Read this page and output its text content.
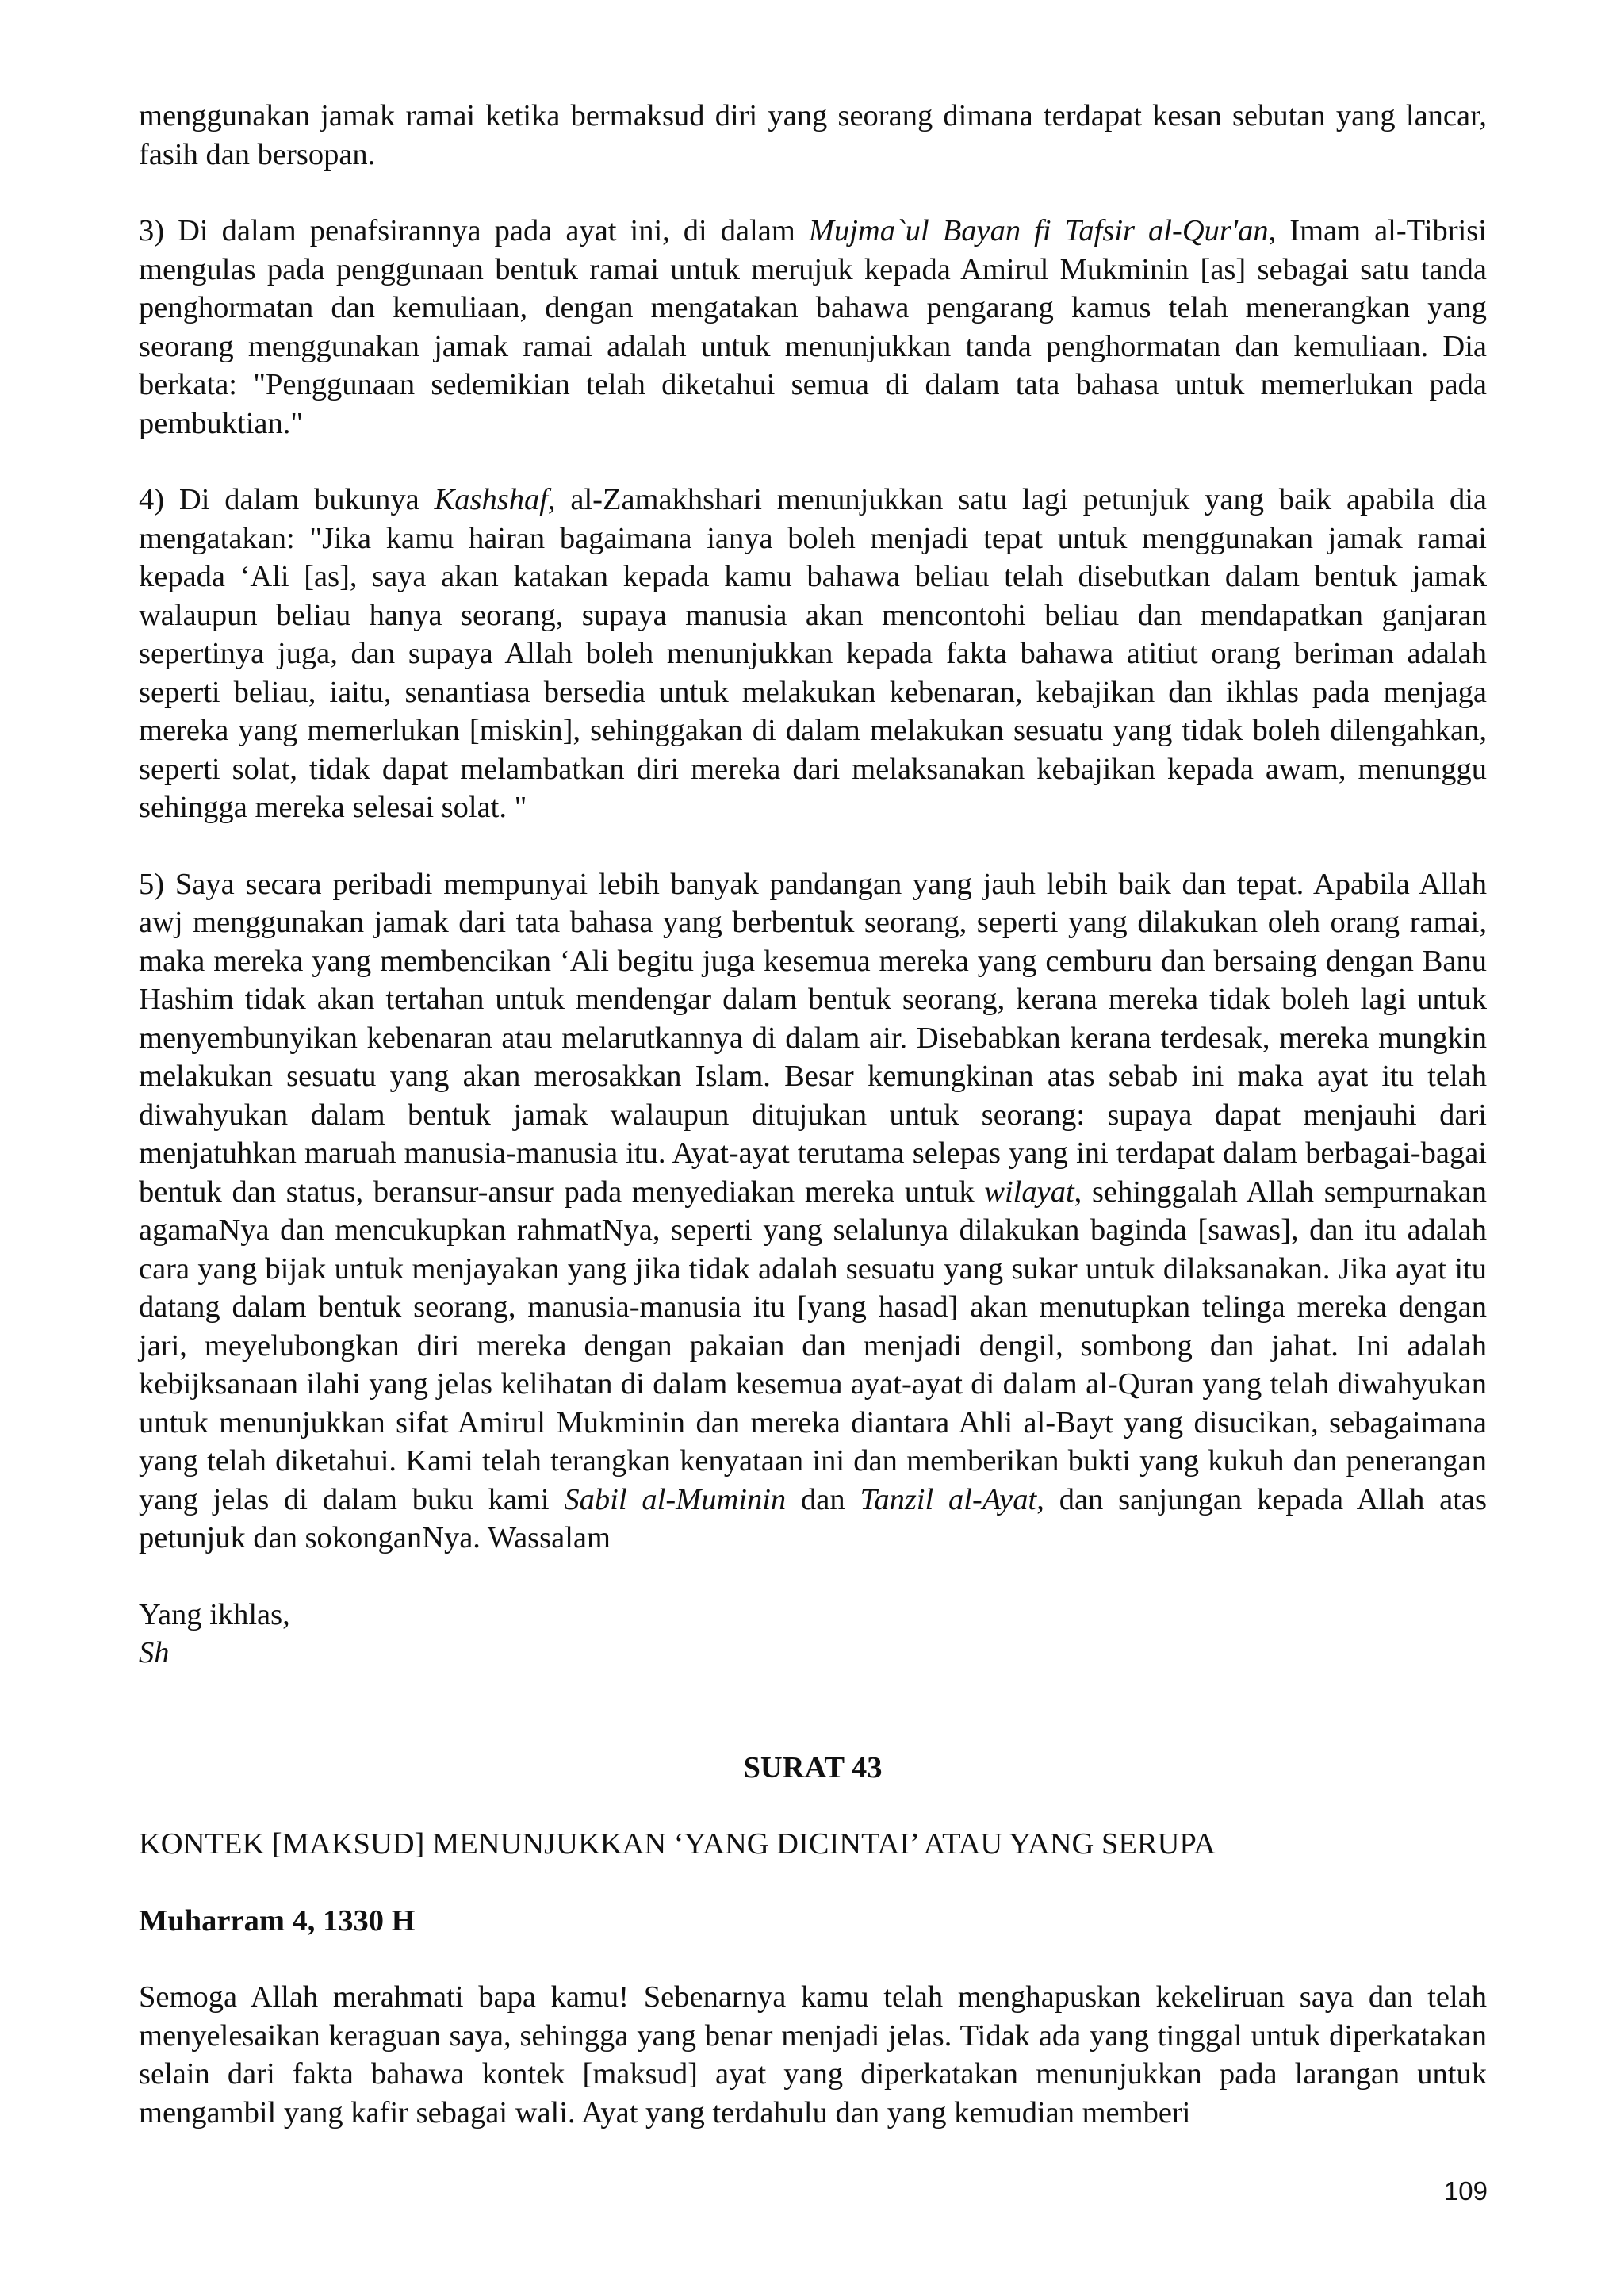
menggunakan jamak ramai ketika bermaksud diri yang seorang dimana terdapat kesan sebutan yang lancar, fasih dan bersopan.

3) Di dalam penafsirannya pada ayat ini, di dalam Mujma`ul Bayan fi Tafsir al-Qur'an, Imam al-Tibrisi mengulas pada penggunaan bentuk ramai untuk merujuk kepada Amirul Mukminin [as] sebagai satu tanda penghormatan dan kemuliaan, dengan mengatakan bahawa pengarang kamus telah menerangkan yang seorang menggunakan jamak ramai adalah untuk menunjukkan tanda penghormatan dan kemuliaan. Dia berkata: "Penggunaan sedemikian telah diketahui semua di dalam tata bahasa untuk memerlukan pada pembuktian."

4) Di dalam bukunya Kashshaf, al-Zamakhshari menunjukkan satu lagi petunjuk yang baik apabila dia mengatakan: "Jika kamu hairan bagaimana ianya boleh menjadi tepat untuk menggunakan jamak ramai kepada ‘Ali [as], saya akan katakan kepada kamu bahawa beliau telah disebutkan dalam bentuk jamak walaupun beliau hanya seorang, supaya manusia akan mencontohi beliau dan mendapatkan ganjaran sepertinya juga, dan supaya Allah boleh menunjukkan kepada fakta bahawa atitiut orang beriman adalah seperti beliau, iaitu, senantiasa bersedia untuk melakukan kebenaran, kebajikan dan ikhlas pada menjaga mereka yang memerlukan [miskin], sehinggakan di dalam melakukan sesuatu yang tidak boleh dilengahkan, seperti solat, tidak dapat melambatkan diri mereka dari melaksanakan kebajikan kepada awam, menunggu sehingga mereka selesai solat. "

5) Saya secara peribadi mempunyai lebih banyak pandangan yang jauh lebih baik dan tepat. Apabila Allah awj menggunakan jamak dari tata bahasa yang berbentuk seorang, seperti yang dilakukan oleh orang ramai, maka mereka yang membencikan ‘Ali begitu juga kesemua mereka yang cemburu dan bersaing dengan Banu Hashim tidak akan tertahan untuk mendengar dalam bentuk seorang, kerana mereka tidak boleh lagi untuk menyembunyikan kebenaran atau melarutkannya di dalam air. Disebabkan kerana terdesak, mereka mungkin melakukan sesuatu yang akan merosakkan Islam. Besar kemungkinan atas sebab ini maka ayat itu telah diwahyukan dalam bentuk jamak walaupun ditujukan untuk seorang: supaya dapat menjauhi dari menjatuhkan maruah manusia-manusia itu. Ayat-ayat terutama selepas yang ini terdapat dalam berbagai-bagai bentuk dan status, beransur-ansur pada menyediakan mereka untuk wilayat, sehinggalah Allah sempurnakan agamaNya dan mencukupkan rahmatNya, seperti yang selalunya dilakukan baginda [sawas], dan itu adalah cara yang bijak untuk menjayakan yang jika tidak adalah sesuatu yang sukar untuk dilaksanakan. Jika ayat itu datang dalam bentuk seorang, manusia-manusia itu [yang hasad] akan menutupkan telinga mereka dengan jari, meyelubongkan diri mereka dengan pakaian dan menjadi dengil, sombong dan jahat. Ini adalah kebijksanaan ilahi yang jelas kelihatan di dalam kesemua ayat-ayat di dalam al-Quran yang telah diwahyukan untuk menunjukkan sifat Amirul Mukminin dan mereka diantara Ahli al-Bayt yang disucikan, sebagaimana yang telah diketahui. Kami telah terangkan kenyataan ini dan memberikan bukti yang kukuh dan penerangan yang jelas di dalam buku kami Sabil al-Muminin dan Tanzil al-Ayat, dan sanjungan kepada Allah atas petunjuk dan sokonganNya. Wassalam

Yang ikhlas,

Sh

SURAT 43

KONTEK [MAKSUD] MENUNJUKKAN ‘YANG DICINTAI’ ATAU YANG SERUPA

Muharram 4, 1330 H

Semoga Allah merahmati bapa kamu! Sebenarnya kamu telah menghapuskan kekeliruan saya dan telah menyelesaikan keraguan saya, sehingga yang benar menjadi jelas. Tidak ada yang tinggal untuk diperkatakan selain dari fakta bahawa kontek [maksud] ayat yang diperkatakan menunjukkan pada larangan untuk mengambil yang kafir sebagai wali. Ayat yang terdahulu dan yang kemudian memberi

109
